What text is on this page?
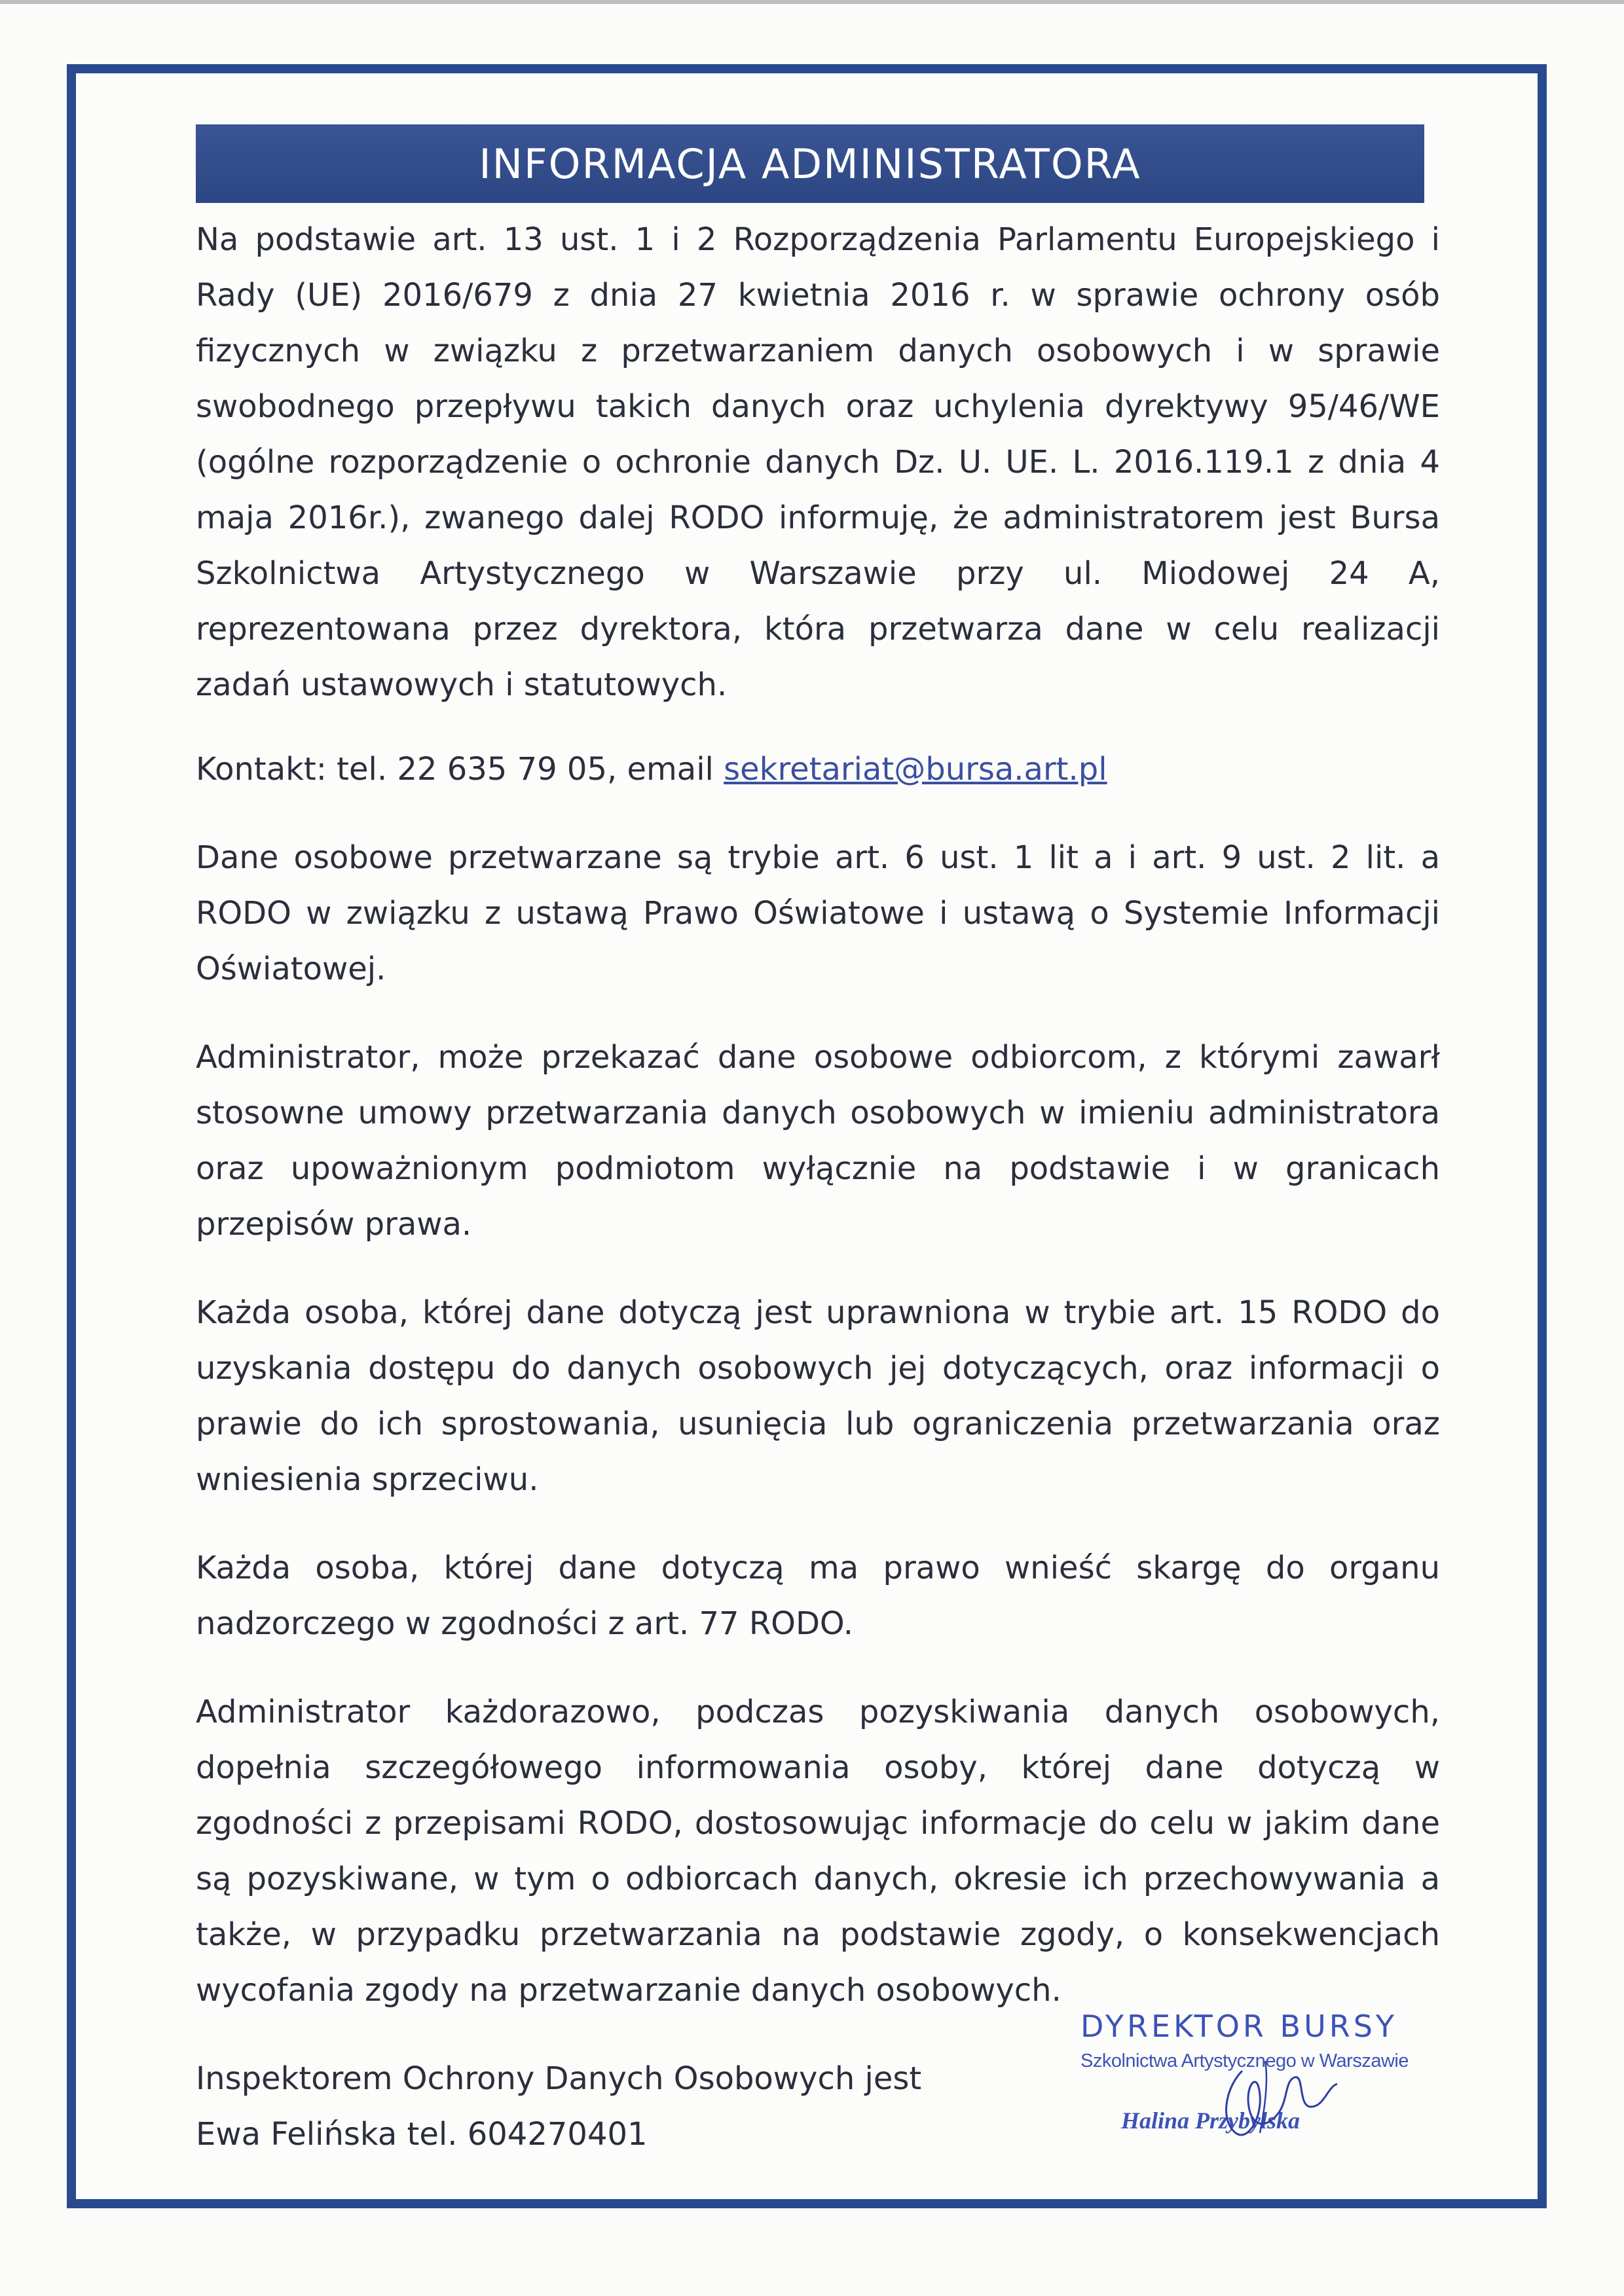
INFORMACJA ADMINISTRATORA

Na podstawie art. 13 ust. 1 i 2 Rozporządzenia Parlamentu Europejskiego i Rady (UE) 2016/679 z dnia 27 kwietnia 2016 r. w sprawie ochrony osób fizycznych w związku z przetwarzaniem danych osobowych i w sprawie swobodnego przepływu takich danych oraz uchylenia dyrektywy 95/46/WE (ogólne rozporządzenie o ochronie danych Dz. U. UE. L. 2016.119.1 z dnia 4 maja 2016r.), zwanego dalej RODO informuję, że administratorem jest Bursa Szkolnictwa Artystycznego w Warszawie przy ul. Miodowej 24 A, reprezentowana przez dyrektora, która przetwarza dane w celu realizacji zadań ustawowych i statutowych.

Kontakt: tel. 22 635 79 05, email sekretariat@bursa.art.pl

Dane osobowe przetwarzane są trybie art. 6 ust. 1 lit a i art. 9 ust. 2 lit. a RODO w związku z ustawą Prawo Oświatowe i ustawą o Systemie Informacji Oświatowej.

Administrator, może przekazać dane osobowe odbiorcom, z którymi zawarł stosowne umowy przetwarzania danych osobowych w imieniu administratora oraz upoważnionym podmiotom wyłącznie na podstawie i w granicach przepisów prawa.

Każda osoba, której dane dotyczą jest uprawniona w trybie art. 15 RODO do uzyskania dostępu do danych osobowych jej dotyczących, oraz informacji o prawie do ich sprostowania, usunięcia lub ograniczenia przetwarzania oraz wniesienia sprzeciwu.

Każda osoba, której dane dotyczą ma prawo wnieść skargę do organu nadzorczego w zgodności z art. 77 RODO.

Administrator każdorazowo, podczas pozyskiwania danych osobowych, dopełnia szczegółowego informowania osoby, której dane dotyczą w zgodności z przepisami RODO, dostosowując informacje do celu w jakim dane są pozyskiwane, w tym o odbiorcach danych, okresie ich przechowywania a także, w przypadku przetwarzania na podstawie zgody, o konsekwencjach wycofania zgody na przetwarzanie danych osobowych.

Inspektorem Ochrony Danych Osobowych jest
Ewa Felińska tel. 604270401

DYREKTOR BURSY
Szkolnictwa Artystycznego w Warszawie
Halina Przybylska
